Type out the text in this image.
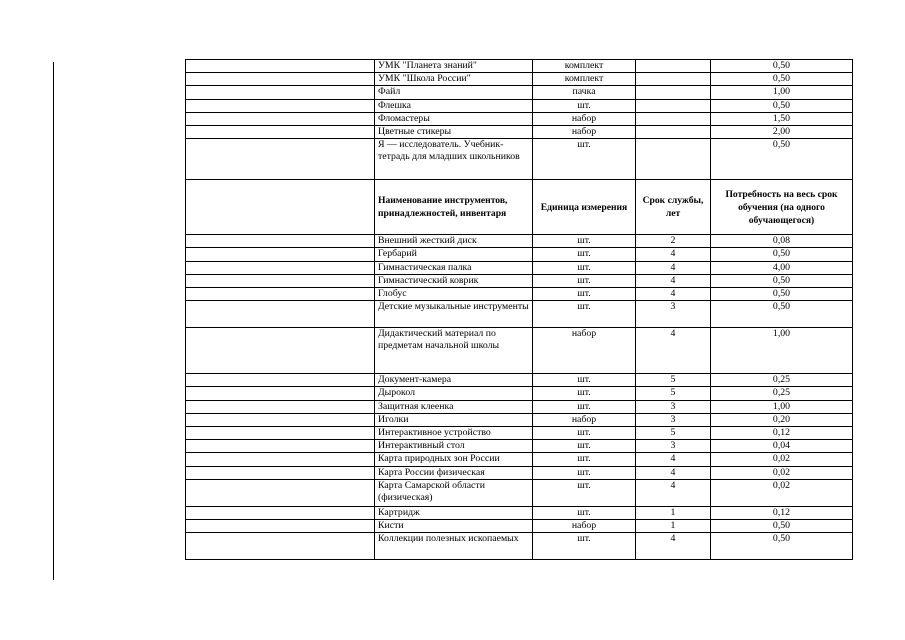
	УМК "Планета знаний"	комплект		0,50
	УМК "Школа России"	комплект		0,50
	Файл	пачка		1,00
	Флешка	шт.		0,50
	Фломастеры	набор		1,50
	Цветные стикеры	набор		2,00
	Я — исследователь. Учебник-тетрадь для младших школьников	шт.		0,50
	Наименование инструментов, принадлежностей, инвентаря	Единица измерения	Срок службы, лет	Потребность на весь срок обучения (на одного обучающегося)
	Внешний жесткий диск	шт.	2	0,08
	Гербарий	шт.	4	0,50
	Гимнастическая палка	шт.	4	4,00
	Гимнастический коврик	шт.	4	0,50
	Глобус	шт.	4	0,50
	Детские музыкальные инструменты	шт.	3	0,50
	Дидактический материал по предметам начальной школы	набор	4	1,00
	Документ-камера	шт.	5	0,25
	Дырокол	шт.	5	0,25
	Защитная клеенка	шт.	3	1,00
	Иголки	набор	3	0,20
	Интерактивное устройство	шт.	5	0,12
	Интерактивный стол	шт.	3	0,04
	Карта природных зон России	шт.	4	0,02
	Карта России физическая	шт.	4	0,02
	Карта Самарской области (физическая)	шт.	4	0,02
	Картридж	шт.	1	0,12
	Кисти	набор	1	0,50
	Коллекции полезных ископаемых	шт.	4	0,50
